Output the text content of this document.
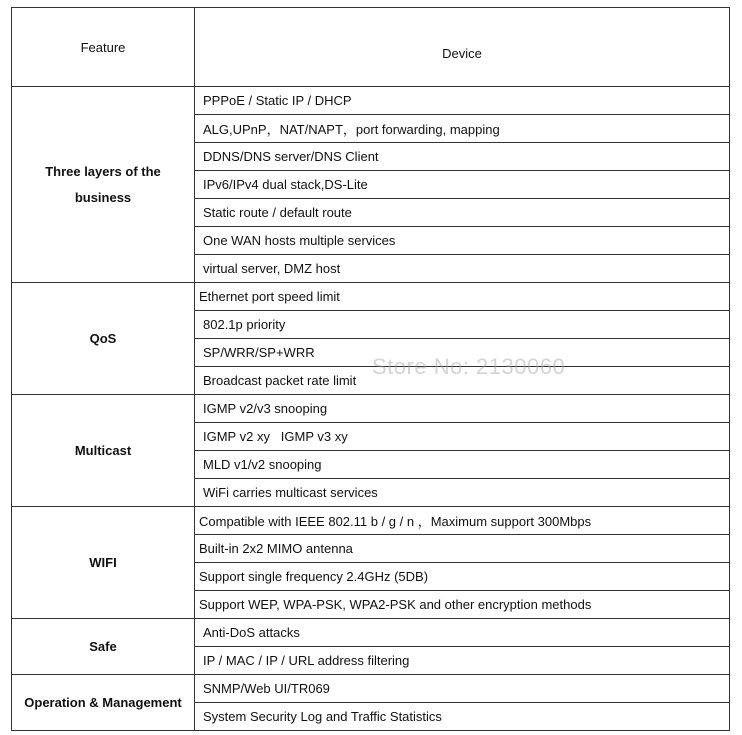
Feature	Device
Three layers of the business	PPPoE / Static IP / DHCP
	ALG,UPnP，NAT/NAPT，port forwarding, mapping
	DDNS/DNS server/DNS Client
	IPv6/IPv4 dual stack,DS-Lite
	Static route / default route
	One WAN hosts multiple services
	virtual server, DMZ host
QoS	Ethernet port speed limit
	802.1p priority
	SP/WRR/SP+WRR
	Broadcast packet rate limit
Multicast	IGMP v2/v3 snooping
	IGMP v2 xy   IGMP v3 xy
	MLD v1/v2 snooping
	WiFi carries multicast services
WIFI	Compatible with IEEE 802.11 b / g / n ，Maximum support 300Mbps
	Built-in 2x2 MIMO antenna
	Support single frequency 2.4GHz (5DB)
	Support WEP, WPA-PSK, WPA2-PSK and other encryption methods
Safe	Anti-DoS attacks
	IP / MAC / IP / URL address filtering
Operation & Management	SNMP/Web UI/TR069
	System Security Log and Traffic Statistics
Store No: 2130060
